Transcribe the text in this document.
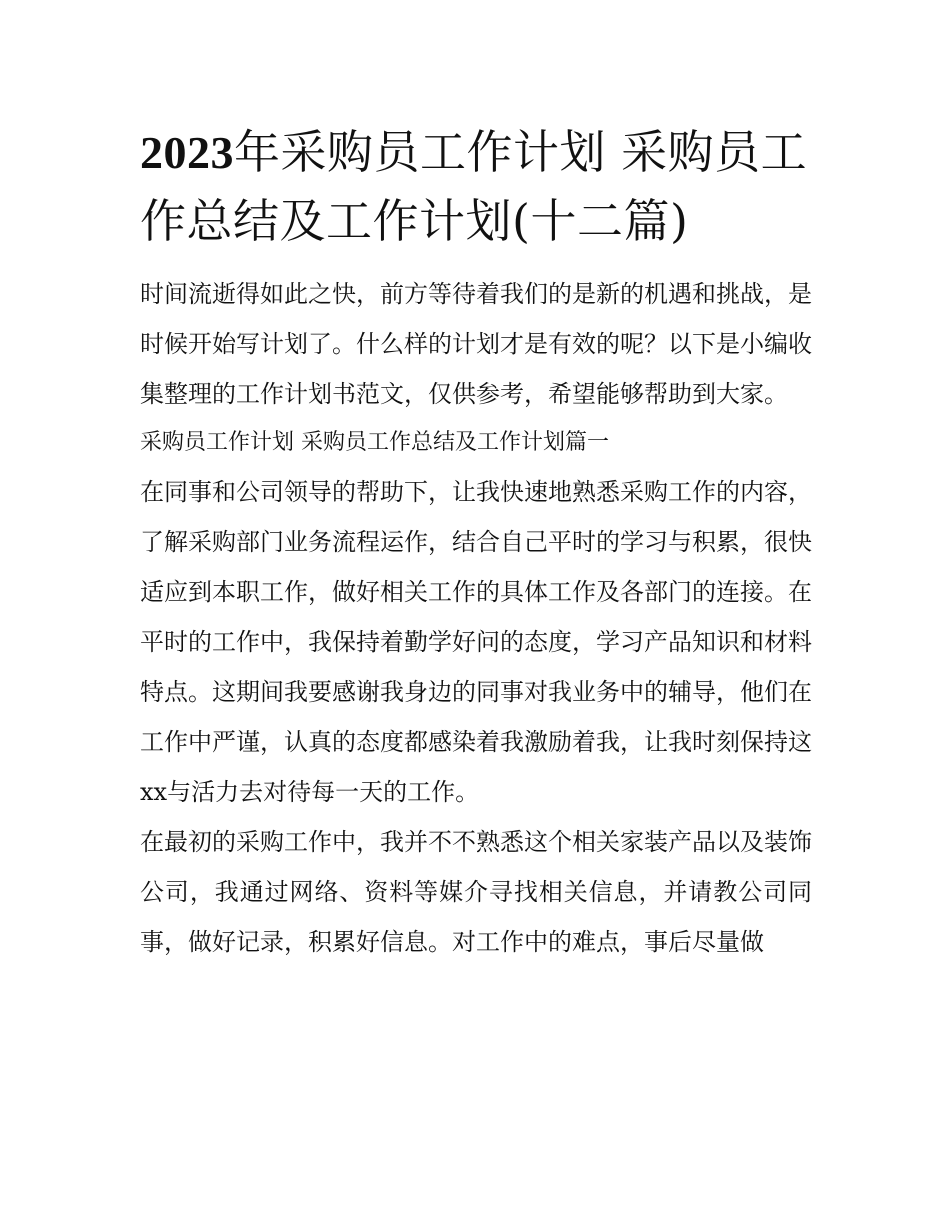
2023年采购员工作计划 采购员工作总结及工作计划(十二篇)

时间流逝得如此之快，前方等待着我们的是新的机遇和挑战，是时候开始写计划了。什么样的计划才是有效的呢？以下是小编收集整理的工作计划书范文，仅供参考，希望能够帮助到大家。

采购员工作计划 采购员工作总结及工作计划篇一

在同事和公司领导的帮助下，让我快速地熟悉采购工作的内容，了解采购部门业务流程运作，结合自己平时的学习与积累，很快适应到本职工作，做好相关工作的具体工作及各部门的连接。在平时的工作中，我保持着勤学好问的态度，学习产品知识和材料特点。这期间我要感谢我身边的同事对我业务中的辅导，他们在工作中严谨，认真的态度都感染着我激励着我，让我时刻保持这xx与活力去对待每一天的工作。

在最初的采购工作中，我并不不熟悉这个相关家装产品以及装饰公司，我通过网络、资料等媒介寻找相关信息，并请教公司同事，做好记录，积累好信息。对工作中的难点，事后尽量做
